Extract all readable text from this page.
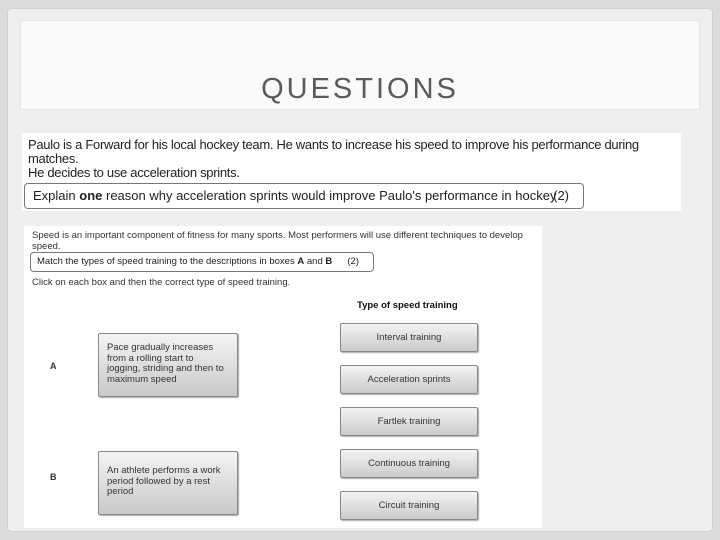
QUESTIONS
Paulo is a Forward for his local hockey team. He wants to increase his speed to improve his performance during matches.
He decides to use acceleration sprints.
Explain one reason why acceleration sprints would improve Paulo's performance in hockey
(2)
Speed is an important component of fitness for many sports. Most performers will use different techniques to develop speed.
Match the types of speed training to the descriptions in boxes A and B (2)
Click on each box and then the correct type of speed training.
Type of speed training
A
Pace gradually increases from a rolling start to jogging, striding and then to maximum speed
B
An athlete performs a work period followed by a rest period
Interval training
Acceleration sprints
Fartlek training
Continuous training
Circuit training
